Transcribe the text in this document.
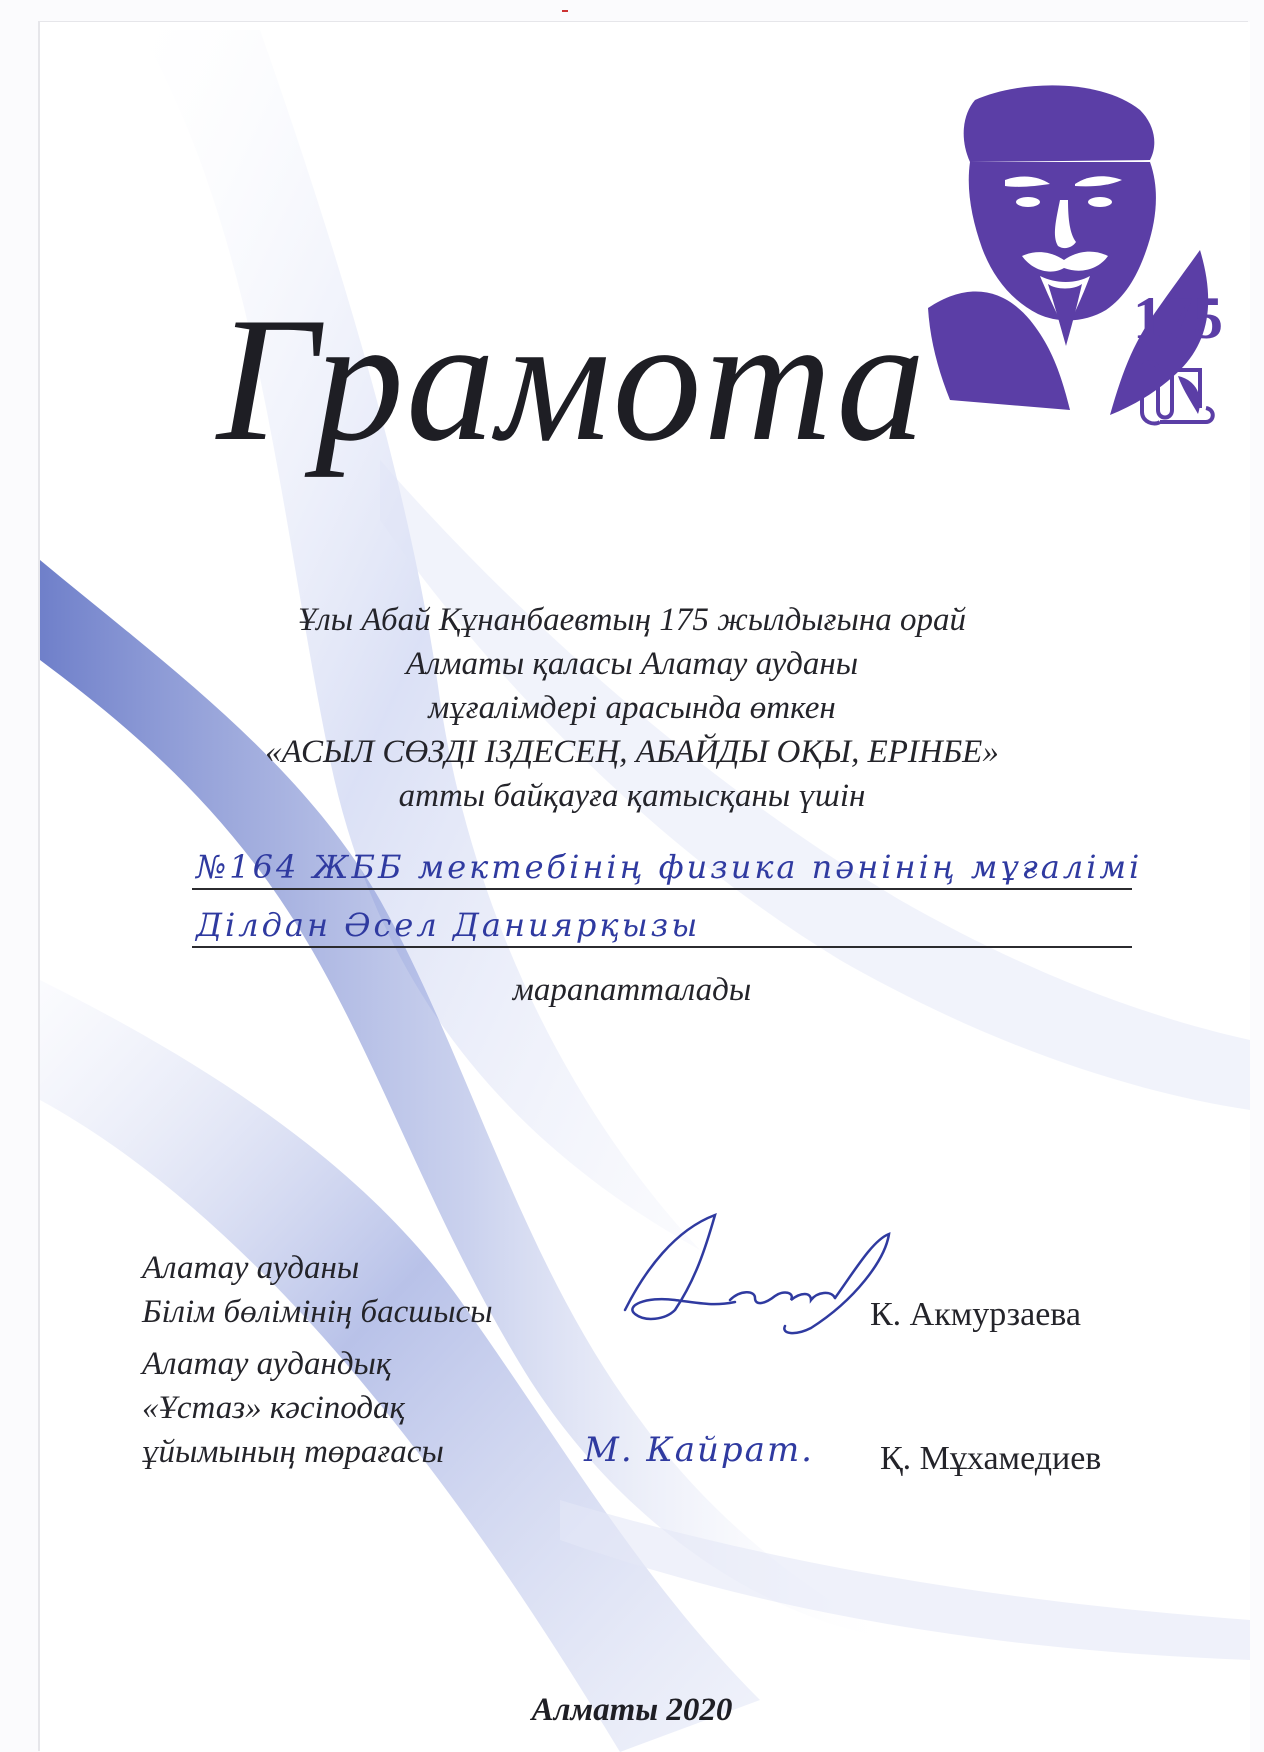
175
Грамота
Ұлы Абай Құнанбаевтың 175 жылдығына орай
Алматы қаласы Алатау ауданы
мұғалімдері арасында өткен
«АСЫЛ СӨЗДІ ІЗДЕСЕҢ, АБАЙДЫ ОҚЫ, ЕРІНБЕ»
атты байқауға қатысқаны үшін
№164 ЖББ мектебінің физика пәнінің мұғалімі
Ділдан Әсел Даниярқызы
марапатталады
Алатау ауданы
Білім бөлімінің басшысы	К. Акмурзаева
Алатау аудандық
«Ұстаз» кәсіподақ
ұйымының төрағасы	М. Кайрат. Қ. Мұхамедиев
Алматы 2020
